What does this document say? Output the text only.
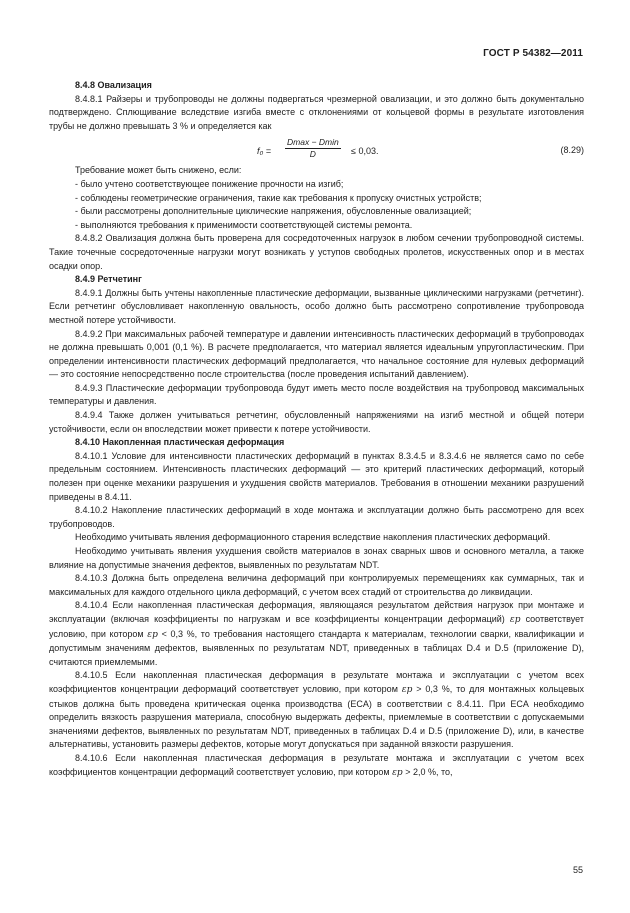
ГОСТ Р 54382—2011

8.4.8 Овализация

8.4.8.1 Райзеры и трубопроводы не должны подвергаться чрезмерной овализации, и это должно быть документально подтверждено. Сплющивание вследствие изгиба вместе с отклонениями от кольцевой формы в результате изготовления трубы не должно превышать 3 % и определяется как

f₀ =
Dmax − Dmin
D	≤ 0,03.	(8.29)

Требование может быть снижено, если:

- было учтено соответствующее понижение прочности на изгиб;

- соблюдены геометрические ограничения, такие как требования к пропуску очистных устройств;

- были рассмотрены дополнительные циклические напряжения, обусловленные овализацией;

- выполняются требования к применимости соответствующей системы ремонта.

8.4.8.2 Овализация должна быть проверена для сосредоточенных нагрузок в любом сечении трубопроводной системы. Такие точечные сосредоточенные нагрузки могут возникать у уступов свободных пролетов, искусственных опор и в местах осадки опор.

8.4.9 Ретчетинг

8.4.9.1 Должны быть учтены накопленные пластические деформации, вызванные циклическими нагрузками (ретчетинг). Если ретчетинг обусловливает накопленную овальность, особо должно быть рассмотрено сопротивление трубопровода местной потере устойчивости.

8.4.9.2 При максимальных рабочей температуре и давлении интенсивность пластических деформаций в трубопроводах не должна превышать 0,001 (0,1 %). В расчете предполагается, что материал является идеальным упругопластическим. При определении интенсивности пластических деформаций предполагается, что начальное состояние для нулевых деформаций — это состояние непосредственно после строительства (после проведения испытаний давлением).

8.4.9.3 Пластические деформации трубопровода будут иметь место после воздействия на трубопровод максимальных температуры и давления.

8.4.9.4 Также должен учитываться ретчетинг, обусловленный напряжениями на изгиб местной и общей потери устойчивости, если он впоследствии может привести к потере устойчивости.

8.4.10 Накопленная пластическая деформация

8.4.10.1 Условие для интенсивности пластических деформаций в пунктах 8.3.4.5 и 8.3.4.6 не является само по себе предельным состоянием. Интенсивность пластических деформаций — это критерий пластических деформаций, который полезен при оценке механики разрушения и ухудшения свойств материалов. Требования в отношении механики разрушений приведены в 8.4.11.

8.4.10.2 Накопление пластических деформаций в ходе монтажа и эксплуатации должно быть рассмотрено для всех трубопроводов.

Необходимо учитывать явления деформационного старения вследствие накопления пластических деформаций.

Необходимо учитывать явления ухудшения свойств материалов в зонах сварных швов и основного металла, а также влияние на допустимые значения дефектов, выявленных по результатам NDT.

8.4.10.3 Должна быть определена величина деформаций при контролируемых перемещениях как суммарных, так и максимальных для каждого отдельного цикла деформаций, с учетом всех стадий от строительства до ликвидации.

8.4.10.4 Если накопленная пластическая деформация, являющаяся результатом действия нагрузок при монтаже и эксплуатации (включая коэффициенты по нагрузкам и все коэффициенты концентрации деформаций) εp соответствует условию, при котором εp < 0,3 %, то требования настоящего стандарта к материалам, технологии сварки, квалификации и допустимым значениям дефектов, выявленных по результатам NDT, приведенных в таблицах D.4 и D.5 (приложение D), считаются приемлемыми.

8.4.10.5 Если накопленная пластическая деформация в результате монтажа и эксплуатации с учетом всех коэффициентов концентрации деформаций соответствует условию, при котором εp > 0,3 %, то для монтажных кольцевых стыков должна быть проведена критическая оценка производства (ECA) в соответствии с 8.4.11. При ECA необходимо определить вязкость разрушения материала, способную выдержать дефекты, приемлемые в соответствии с допускаемыми значениями дефектов, выявленных по результатам NDT, приведенных в таблицах D.4 и D.5 (приложение D), или, в качестве альтернативы, установить размеры дефектов, которые могут допускаться при заданной вязкости разрушения.

8.4.10.6 Если накопленная пластическая деформация в результате монтажа и эксплуатации с учетом всех коэффициентов концентрации деформаций соответствует условию, при котором εp > 2,0 %, то,

55
